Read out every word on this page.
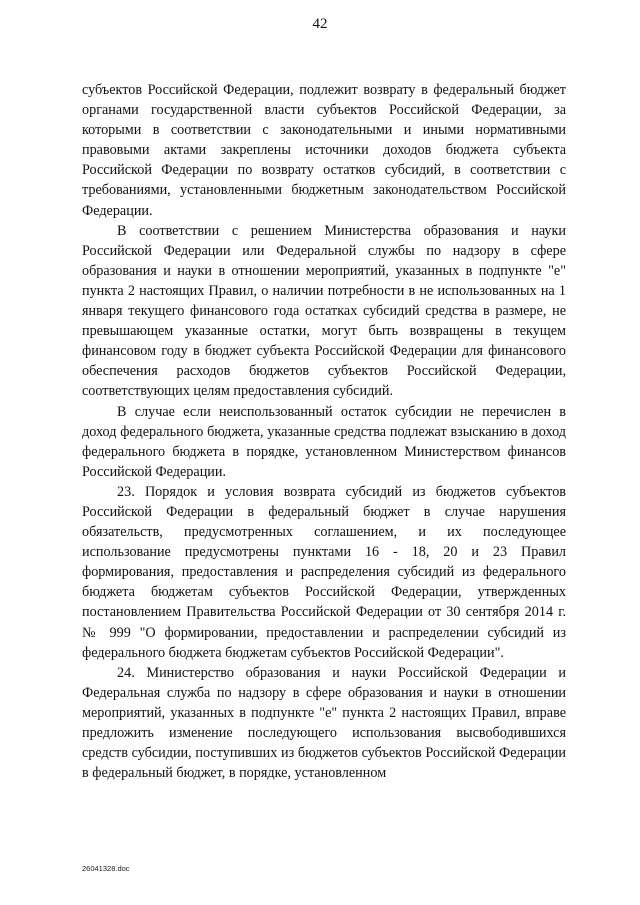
42

субъектов Российской Федерации, подлежит возврату в федеральный бюджет органами государственной власти субъектов Российской Федерации, за которыми в соответствии с законодательными и иными нормативными правовыми актами закреплены источники доходов бюджета субъекта Российской Федерации по возврату остатков субсидий, в соответствии с требованиями, установленными бюджетным законодательством Российской Федерации.

В соответствии с решением Министерства образования и науки Российской Федерации или Федеральной службы по надзору в сфере образования и науки в отношении мероприятий, указанных в подпункте "е" пункта 2 настоящих Правил, о наличии потребности в не использованных на 1 января текущего финансового года остатках субсидий средства в размере, не превышающем указанные остатки, могут быть возвращены в текущем финансовом году в бюджет субъекта Российской Федерации для финансового обеспечения расходов бюджетов субъектов Российской Федерации, соответствующих целям предоставления субсидий.

В случае если неиспользованный остаток субсидии не перечислен в доход федерального бюджета, указанные средства подлежат взысканию в доход федерального бюджета в порядке, установленном Министерством финансов Российской Федерации.

23. Порядок и условия возврата субсидий из бюджетов субъектов Российской Федерации в федеральный бюджет в случае нарушения обязательств, предусмотренных соглашением, и их последующее использование предусмотрены пунктами 16 - 18, 20 и 23 Правил формирования, предоставления и распределения субсидий из федерального бюджета бюджетам субъектов Российской Федерации, утвержденных постановлением Правительства Российской Федерации от 30 сентября 2014 г. № 999 "О формировании, предоставлении и распределении субсидий из федерального бюджета бюджетам субъектов Российской Федерации".

24. Министерство образования и науки Российской Федерации и Федеральная служба по надзору в сфере образования и науки в отношении мероприятий, указанных в подпункте "е" пункта 2 настоящих Правил, вправе предложить изменение последующего использования высвободившихся средств субсидии, поступивших из бюджетов субъектов Российской Федерации в федеральный бюджет, в порядке, установленном

26041328.doc
